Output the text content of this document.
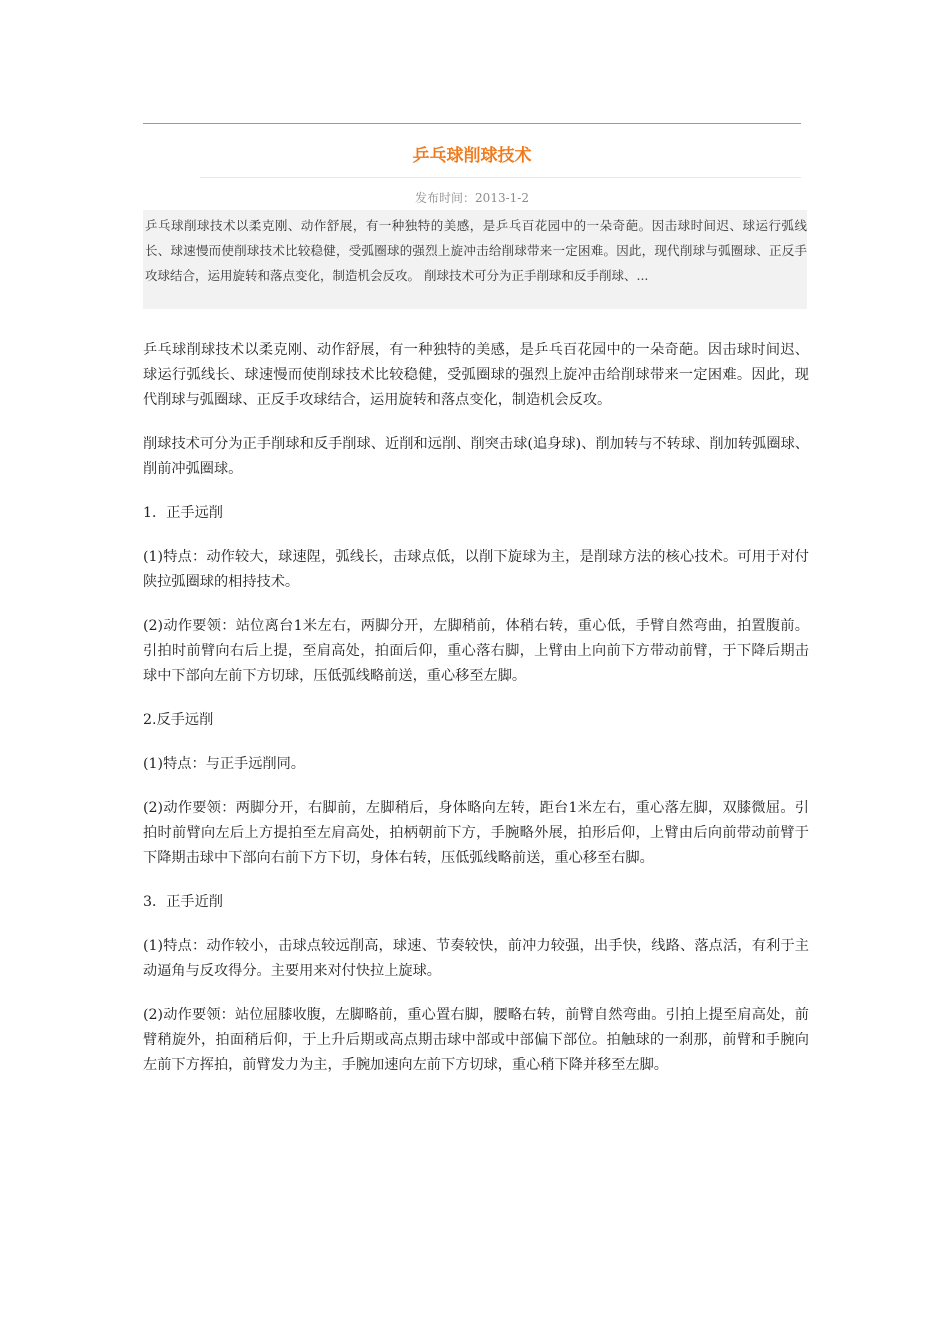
乒乓球削球技术
发布时间：2013-1-2
乒乓球削球技术以柔克刚、动作舒展，有一种独特的美感，是乒乓百花园中的一朵奇葩。因击球时间迟、球运行弧线长、球速慢而使削球技术比较稳健，受弧圈球的强烈上旋冲击给削球带来一定困难。因此，现代削球与弧圈球、正反手攻球结合，运用旋转和落点变化，制造机会反攻。 削球技术可分为正手削球和反手削球、...

乒乓球削球技术以柔克刚、动作舒展，有一种独特的美感，是乒乓百花园中的一朵奇葩。因击球时间迟、球运行弧线长、球速慢而使削球技术比较稳健，受弧圈球的强烈上旋冲击给削球带来一定困难。因此，现代削球与弧圈球、正反手攻球结合，运用旋转和落点变化，制造机会反攻。

削球技术可分为正手削球和反手削球、近削和远削、削突击球(追身球)、削加转与不转球、削加转弧圈球、削前冲弧圈球。

1．正手远削

(1)特点：动作较大，球速陧，弧线长，击球点低，以削下旋球为主，是削球方法的核心技术。可用于对付陕拉弧圈球的相持技术。

(2)动作要领：站位离台1米左右，两脚分开，左脚稍前，体稍右转，重心低，手臂自然弯曲，拍置腹前。引拍时前臂向右后上提，至肩高处，拍面后仰，重心落右脚，上臂由上向前下方带动前臂，于下降后期击球中下部向左前下方切球，压低弧线略前送，重心移至左脚。

2.反手远削

(1)特点：与正手远削同。

(2)动作要领：两脚分开，右脚前，左脚稍后，身体略向左转，距台1米左右，重心落左脚，双膝微屈。引拍时前臂向左后上方提拍至左肩高处，拍柄朝前下方，手腕略外展，拍形后仰，上臂由后向前带动前臂于下降期击球中下部向右前下方下切，身体右转，压低弧线略前送，重心移至右脚。

3．正手近削

(1)特点：动作较小，击球点较远削高，球速、节奏较快，前冲力较强，出手快，线路、落点活，有利于主动逼角与反攻得分。主要用来对付快拉上旋球。

(2)动作要领：站位屈膝收腹，左脚略前，重心置右脚，腰略右转，前臂自然弯曲。引拍上提至肩高处，前臂稍旋外，拍面稍后仰，于上升后期或高点期击球中部或中部偏下部位。拍触球的一刹那，前臂和手腕向左前下方挥拍，前臂发力为主，手腕加速向左前下方切球，重心稍下降并移至左脚。
